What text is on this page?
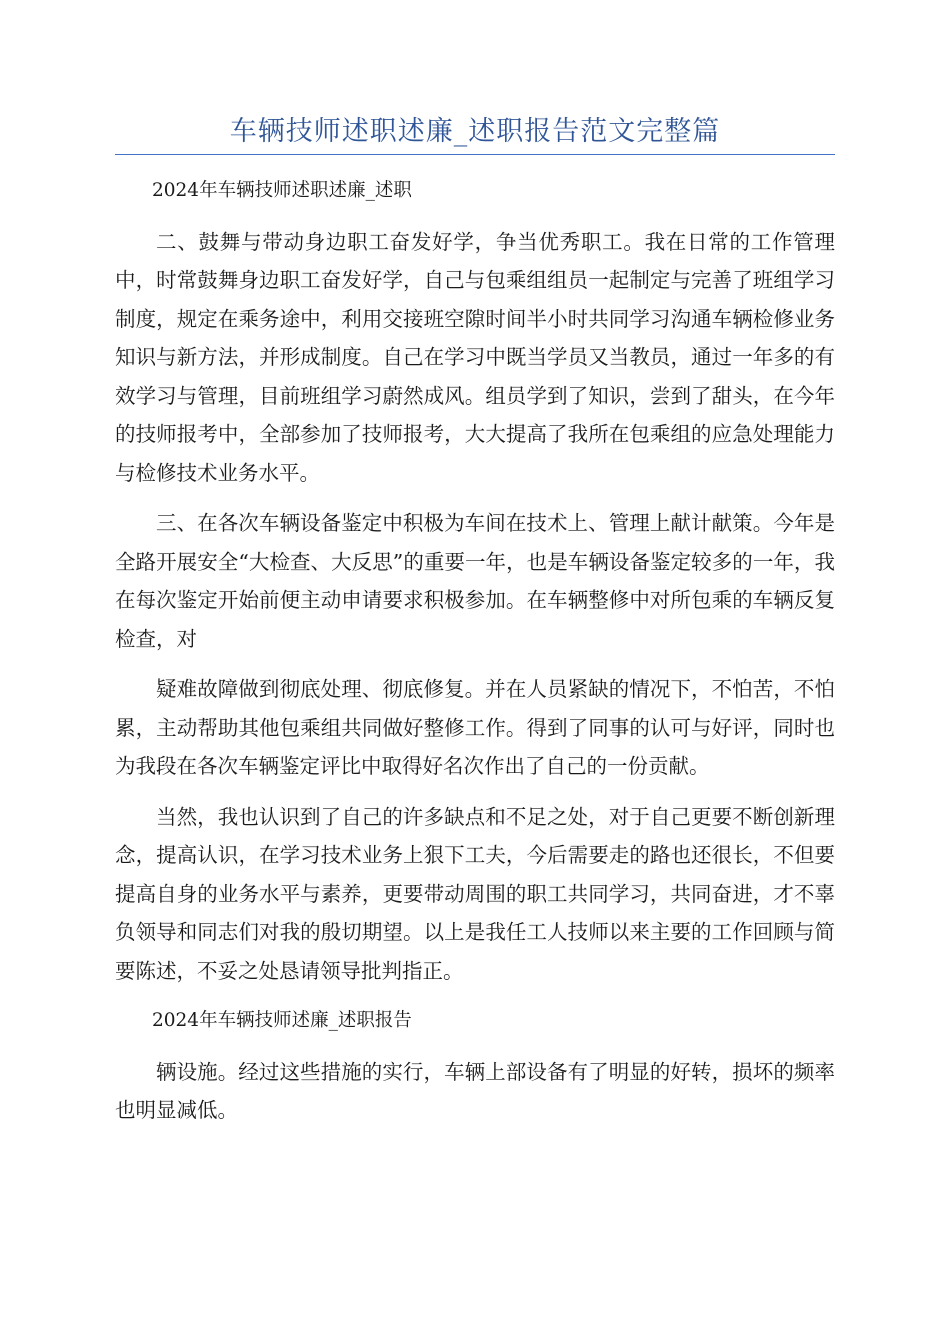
车辆技师述职述廉_述职报告范文完整篇

2024年车辆技师述职述廉_述职

二、鼓舞与带动身边职工奋发好学，争当优秀职工。我在日常的工作管理中，时常鼓舞身边职工奋发好学，自己与包乘组组员一起制定与完善了班组学习制度，规定在乘务途中，利用交接班空隙时间半小时共同学习沟通车辆检修业务知识与新方法，并形成制度。自己在学习中既当学员又当教员，通过一年多的有效学习与管理，目前班组学习蔚然成风。组员学到了知识，尝到了甜头，在今年的技师报考中，全部参加了技师报考，大大提高了我所在包乘组的应急处理能力与检修技术业务水平。

三、在各次车辆设备鉴定中积极为车间在技术上、管理上献计献策。今年是全路开展安全“大检查、大反思”的重要一年，也是车辆设备鉴定较多的一年，我在每次鉴定开始前便主动申请要求积极参加。在车辆整修中对所包乘的车辆反复检查，对

疑难故障做到彻底处理、彻底修复。并在人员紧缺的情况下，不怕苦，不怕累，主动帮助其他包乘组共同做好整修工作。得到了同事的认可与好评，同时也为我段在各次车辆鉴定评比中取得好名次作出了自己的一份贡献。

当然，我也认识到了自己的许多缺点和不足之处，对于自己更要不断创新理念，提高认识，在学习技术业务上狠下工夫，今后需要走的路也还很长，不但要提高自身的业务水平与素养，更要带动周围的职工共同学习，共同奋进，才不辜负领导和同志们对我的殷切期望。以上是我任工人技师以来主要的工作回顾与简要陈述，不妥之处恳请领导批判指正。

2024年车辆技师述廉_述职报告

辆设施。经过这些措施的实行，车辆上部设备有了明显的好转，损坏的频率也明显减低。
